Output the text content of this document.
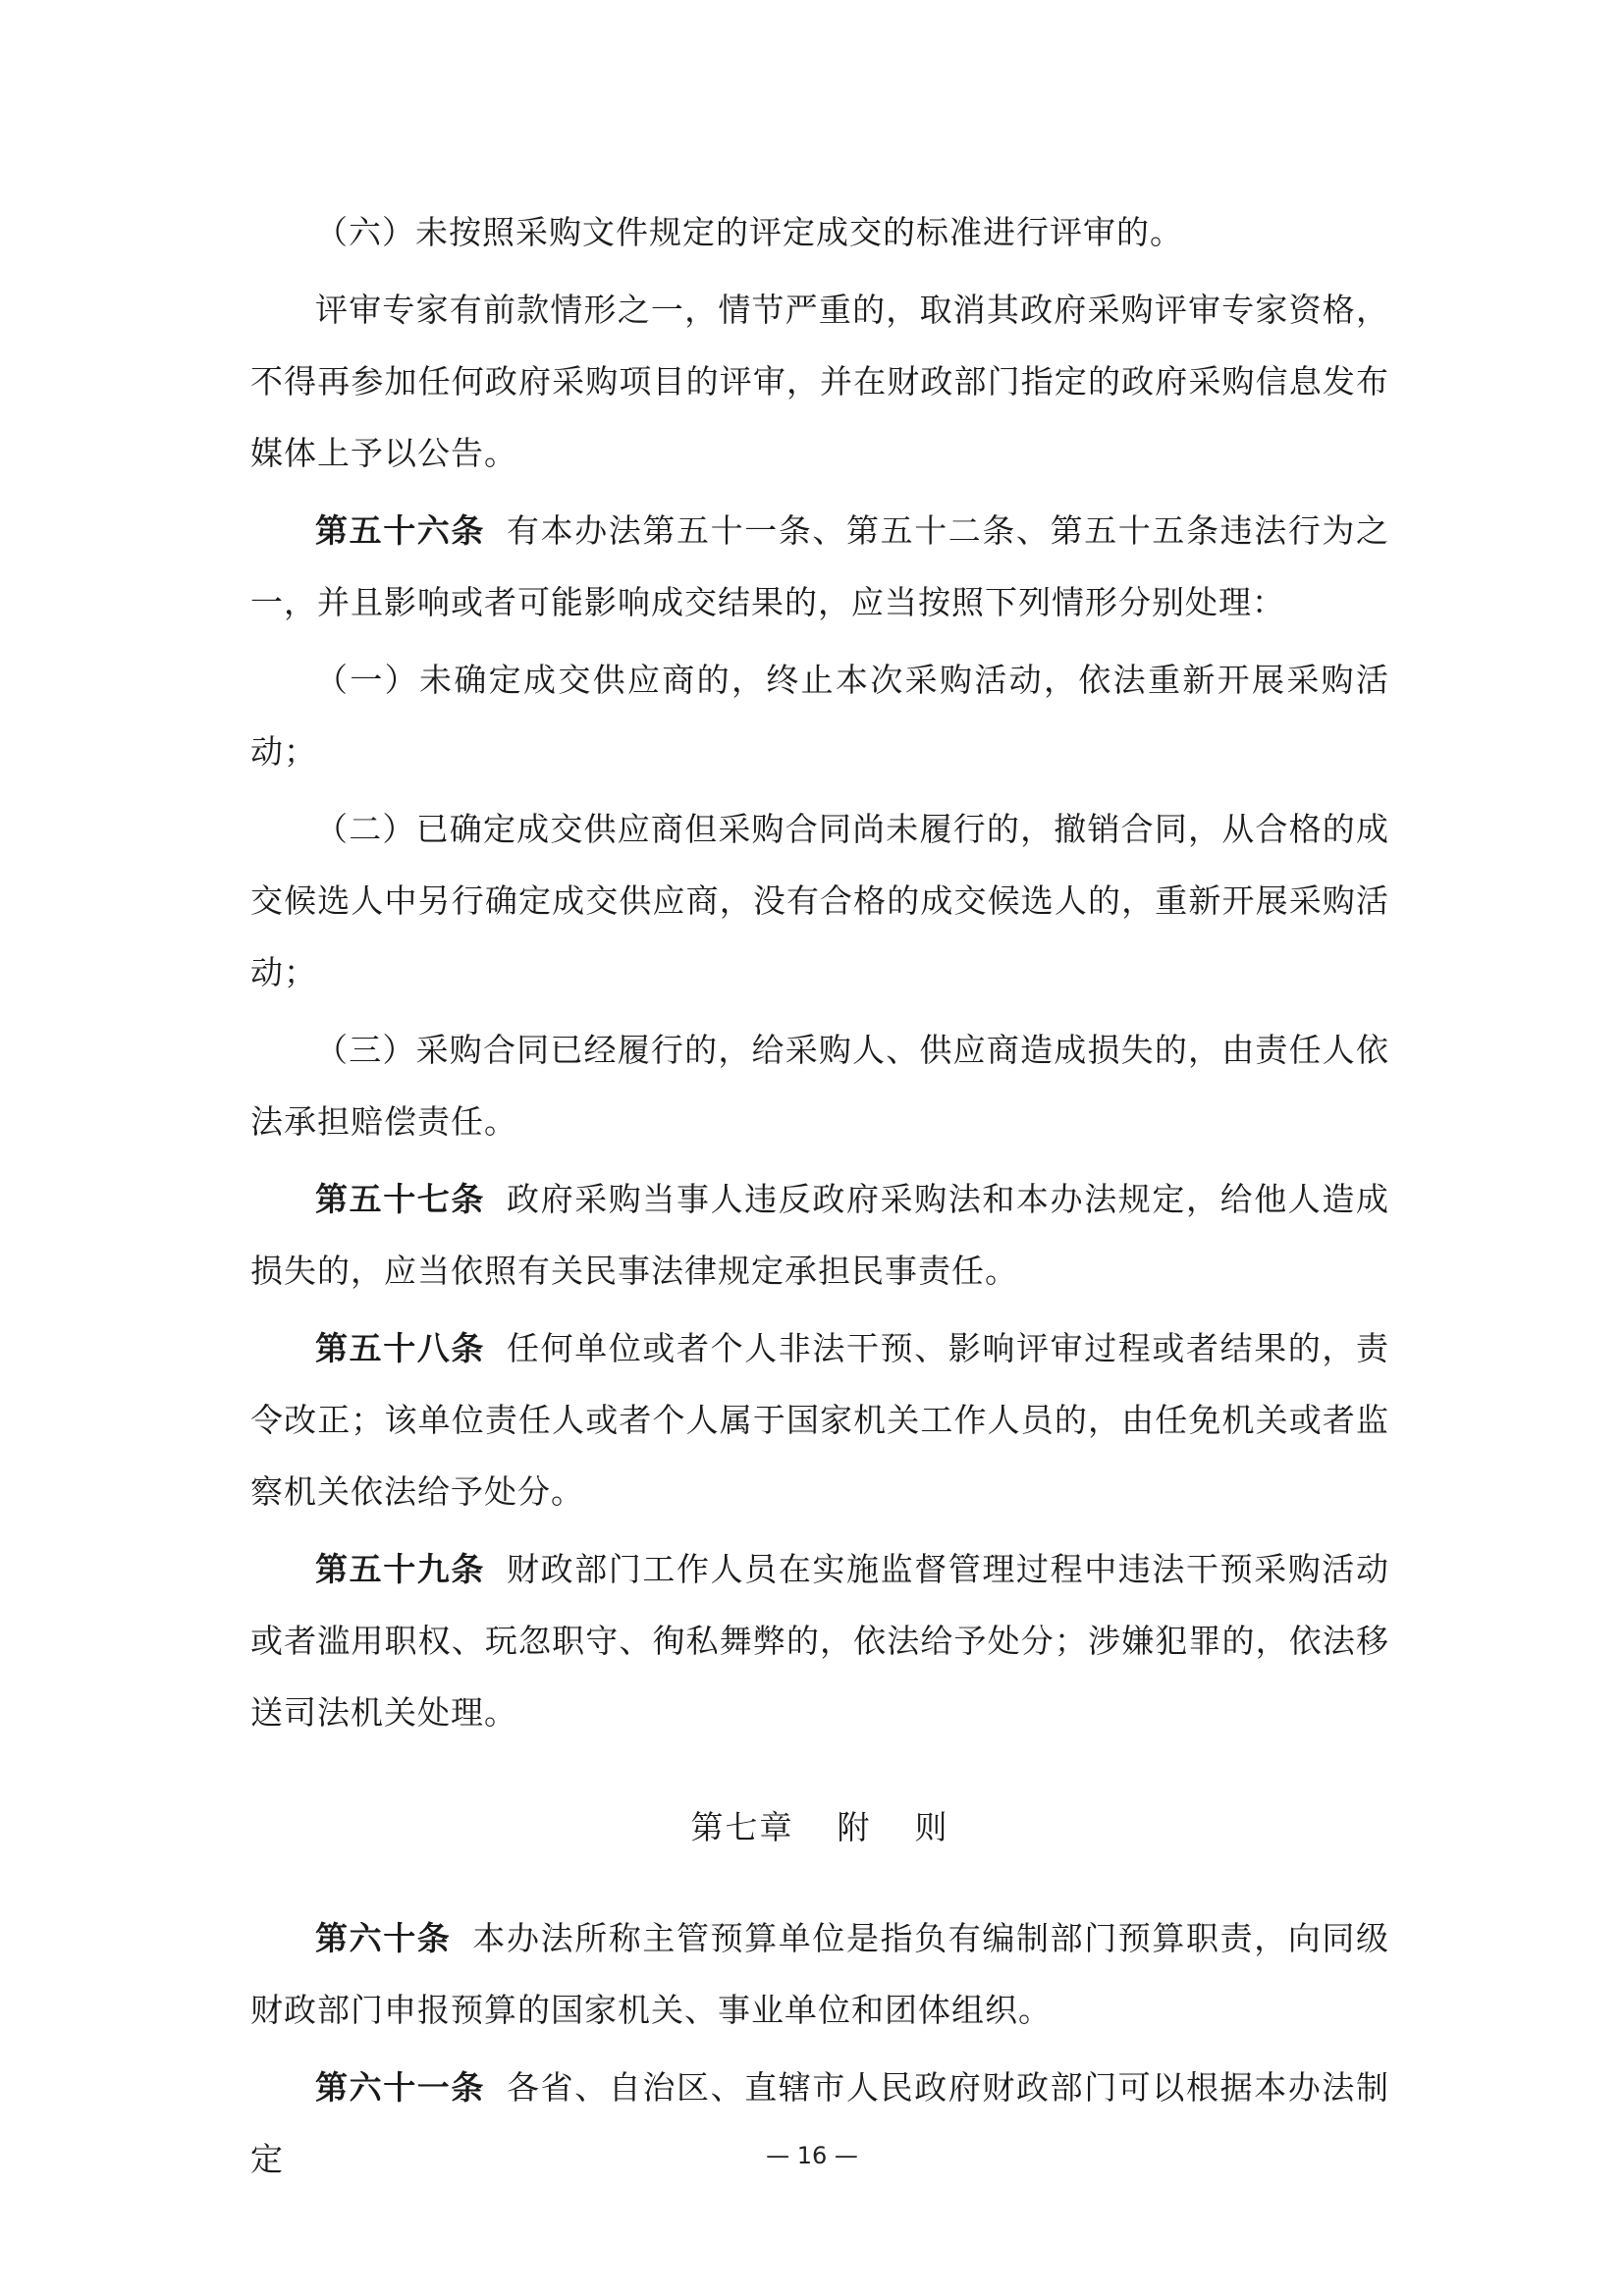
（六）未按照采购文件规定的评定成交的标准进行评审的。

评审专家有前款情形之一，情节严重的，取消其政府采购评审专家资格，不得再参加任何政府采购项目的评审，并在财政部门指定的政府采购信息发布媒体上予以公告。

第五十六条 有本办法第五十一条、第五十二条、第五十五条违法行为之一，并且影响或者可能影响成交结果的，应当按照下列情形分别处理：

（一）未确定成交供应商的，终止本次采购活动，依法重新开展采购活动；

（二）已确定成交供应商但采购合同尚未履行的，撤销合同，从合格的成交候选人中另行确定成交供应商，没有合格的成交候选人的，重新开展采购活动；

（三）采购合同已经履行的，给采购人、供应商造成损失的，由责任人依法承担赔偿责任。

第五十七条 政府采购当事人违反政府采购法和本办法规定，给他人造成损失的，应当依照有关民事法律规定承担民事责任。

第五十八条 任何单位或者个人非法干预、影响评审过程或者结果的，责令改正；该单位责任人或者个人属于国家机关工作人员的，由任免机关或者监察机关依法给予处分。

第五十九条 财政部门工作人员在实施监督管理过程中违法干预采购活动或者滥用职权、玩忽职守、徇私舞弊的，依法给予处分；涉嫌犯罪的，依法移送司法机关处理。

第七章 附 则

第六十条 本办法所称主管预算单位是指负有编制部门预算职责，向同级财政部门申报预算的国家机关、事业单位和团体组织。

第六十一条 各省、自治区、直辖市人民政府财政部门可以根据本办法制定	— 16 —
